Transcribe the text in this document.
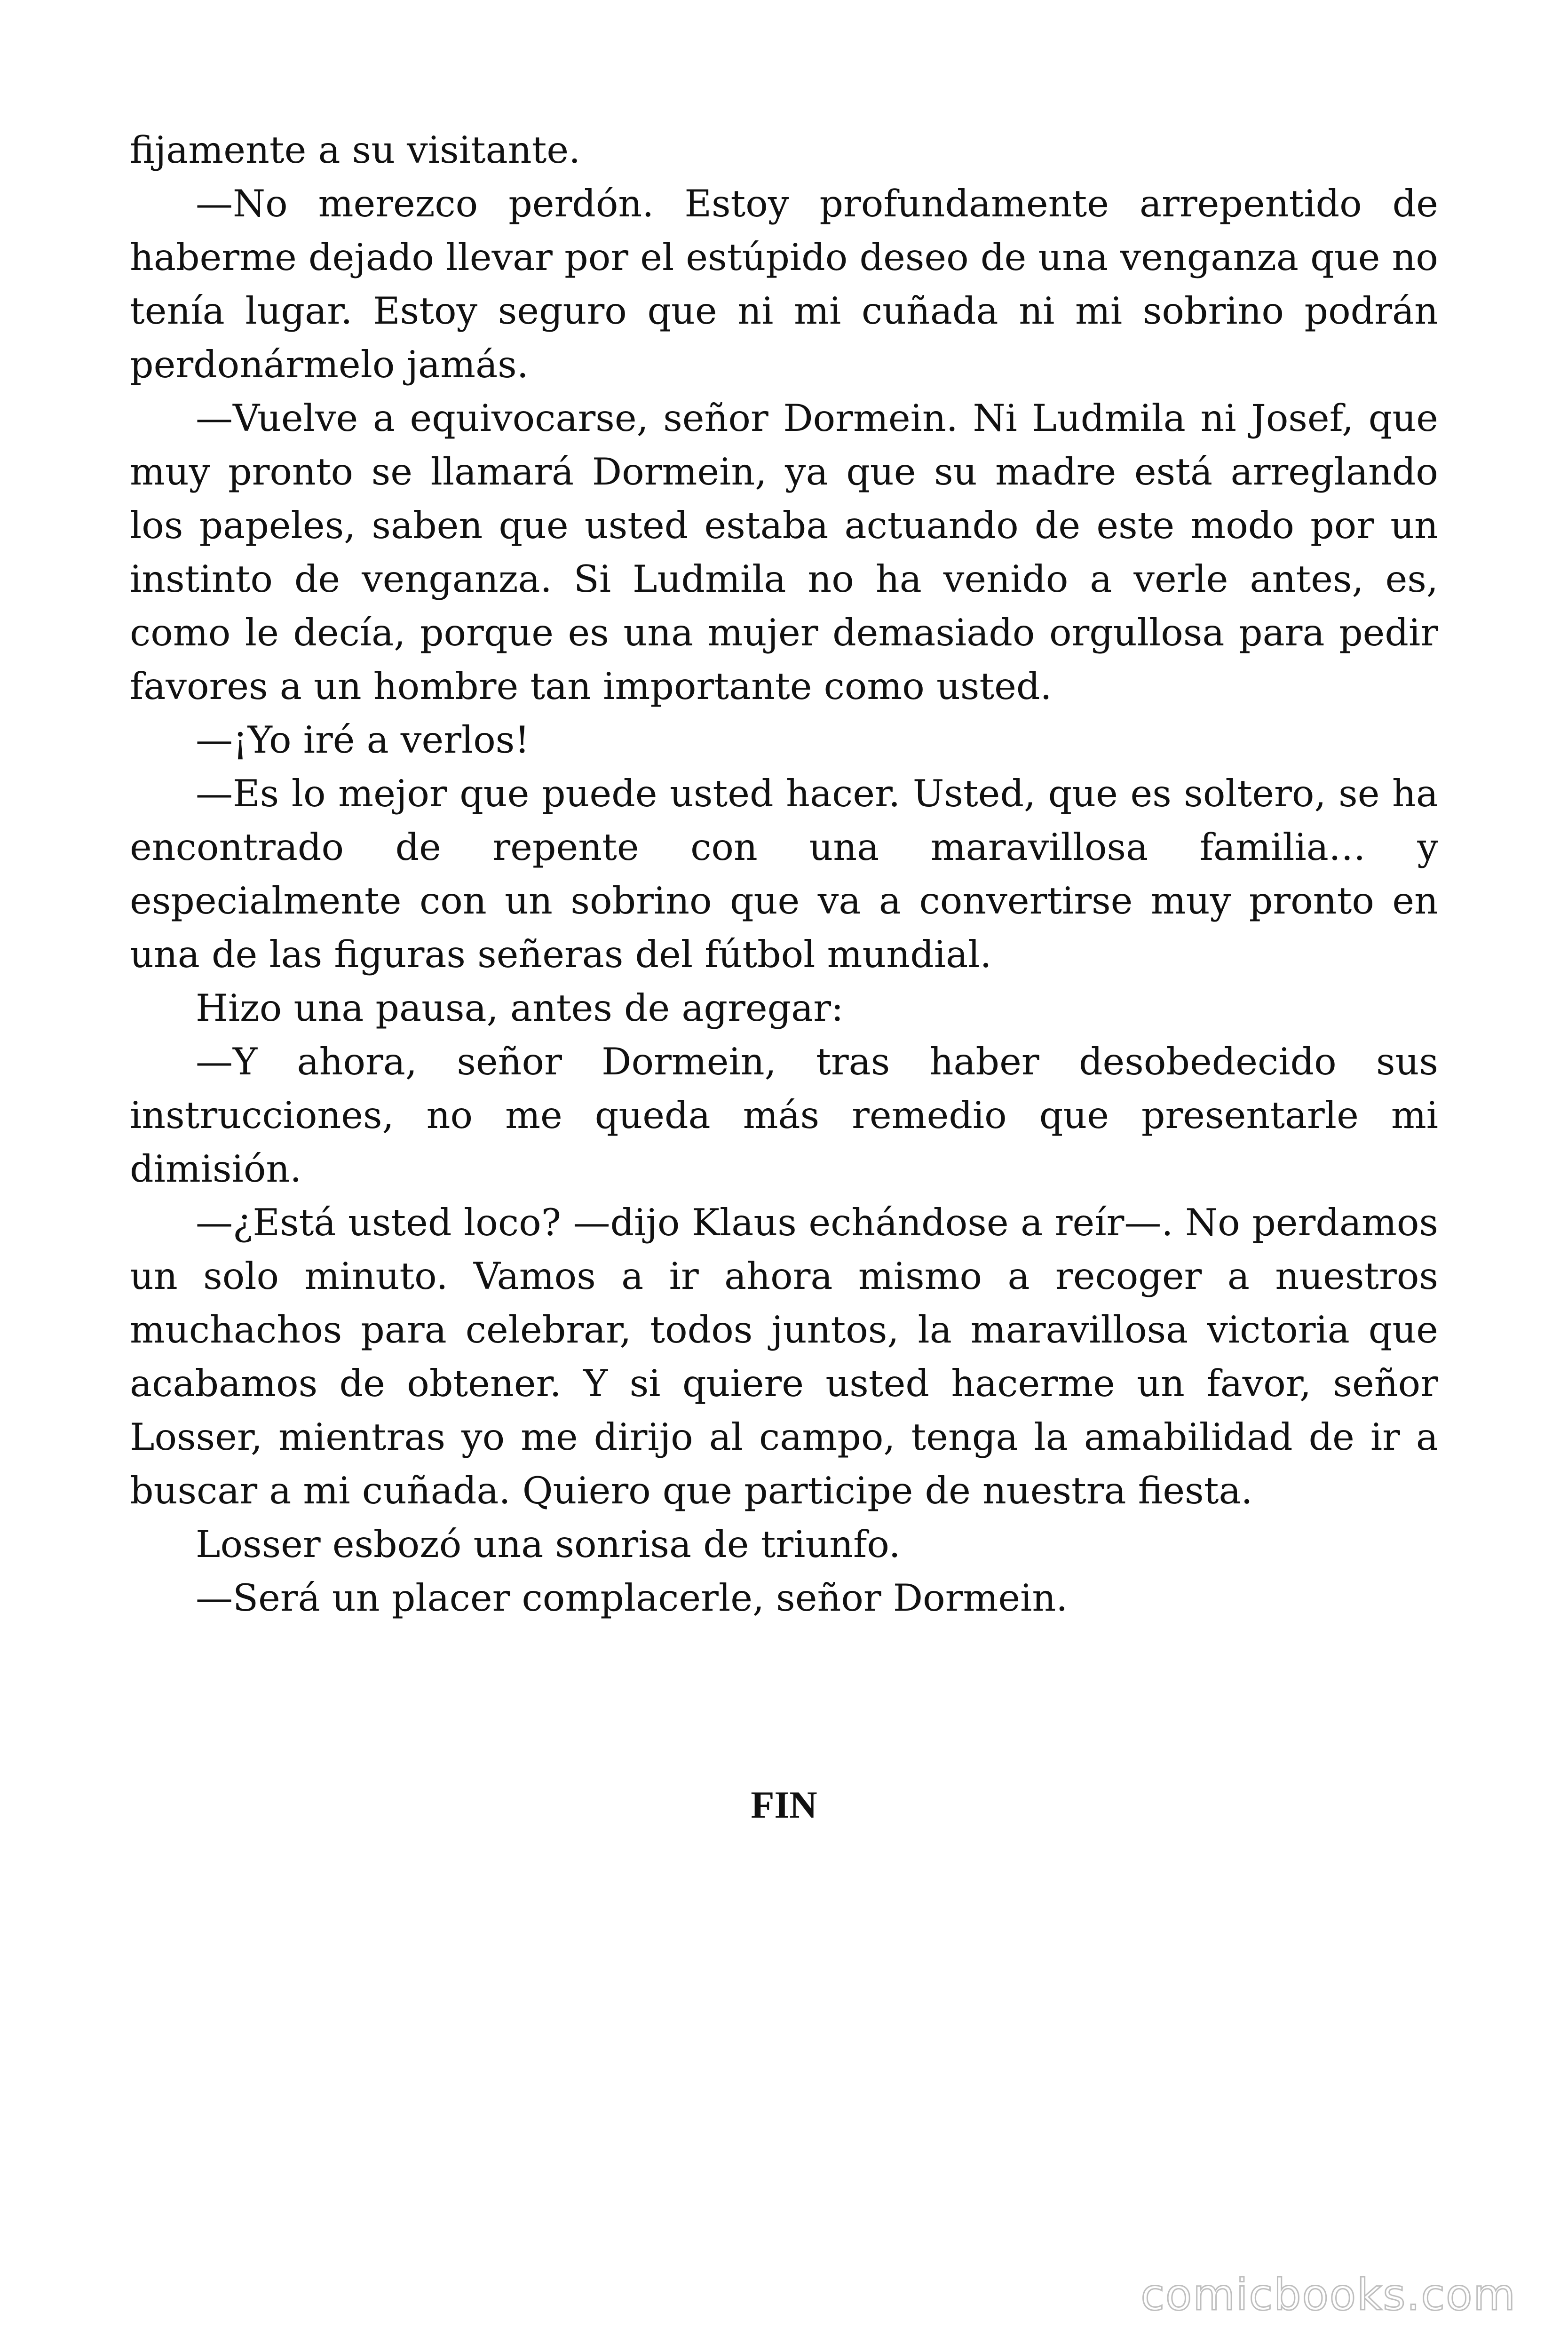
fijamente a su visitante.

—No merezco perdón. Estoy profundamente arrepentido de haberme dejado llevar por el estúpido deseo de una venganza que no tenía lugar. Estoy seguro que ni mi cuñada ni mi sobrino podrán perdonármelo jamás.

—Vuelve a equivocarse, señor Dormein. Ni Ludmila ni Josef, que muy pronto se llamará Dormein, ya que su madre está arreglando los papeles, saben que usted estaba actuando de este modo por un instinto de venganza. Si Ludmila no ha venido a verle antes, es, como le decía, porque es una mujer demasiado orgullosa para pedir favores a un hombre tan importante como usted.

—¡Yo iré a verlos!

—Es lo mejor que puede usted hacer. Usted, que es soltero, se ha encontrado de repente con una maravillosa familia… y especialmente con un sobrino que va a convertirse muy pronto en una de las figuras señeras del fútbol mundial.

Hizo una pausa, antes de agregar:

—Y ahora, señor Dormein, tras haber desobedecido sus instrucciones, no me queda más remedio que presentarle mi dimisión.

—¿Está usted loco? —dijo Klaus echándose a reír—. No perdamos un solo minuto. Vamos a ir ahora mismo a recoger a nuestros muchachos para celebrar, todos juntos, la maravillosa victoria que acabamos de obtener. Y si quiere usted hacerme un favor, señor Losser, mientras yo me dirijo al campo, tenga la amabilidad de ir a buscar a mi cuñada. Quiero que participe de nuestra fiesta.

Losser esbozó una sonrisa de triunfo.

—Será un placer complacerle, señor Dormein.

FIN
comicbooks.com
